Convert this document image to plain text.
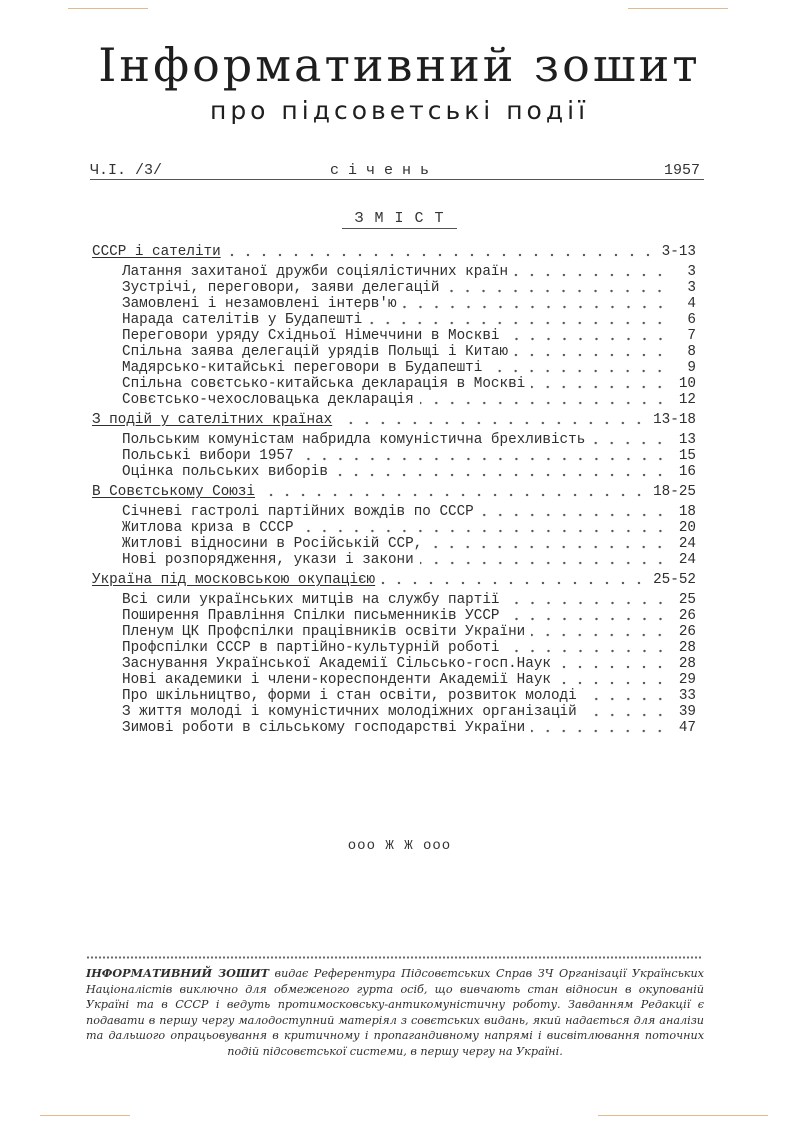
Інформативний зошит
про підсоветські події
Ч.І. /3/	січень	1957
ЗМІСТ
СССР і сателіти	3-13
Латання захитаної дружби соціялістичних країн	3
Зустрічі, переговори, заяви делегацій	3
Замовлені і незамовлені інтерв'ю	4
Нарада сателітів у Будапешті	6
Переговори уряду Східньої Німеччини в Москві	7
Спільна заява делегацій урядів Польщі і Китаю	8
Мадярсько-китайські переговори в Будапешті	9
Спільна совєтсько-китайська декларація в Москві	10
Совєтсько-чехословацька декларація	12
З подій у сателітних країнах	13-18
Польським комуністам набридла комуністична брехливість	13
Польські вибори 1957	15
Оцінка польських виборів	16
В Совєтському Союзі	18-25
Січневі гастролі партійних вождів по СССР	18
Житлова криза в СССР	20
Житлові відносини в Російській ССР,	24
Нові розпорядження, укази і закони	24
Україна під московською окупацією	25-52
Всі сили українських митців на службу партії	25
Поширення Правління Спілки письменників УССР	26
Пленум ЦК Профспілки працівників освіти України	26
Профспілки СССР в партійно-культурній роботі	28
Заснування Української Академії Сільсько-госп.Наук	28
Нові академики і члени-кореспонденти Академії Наук	29
Про шкільництво, форми і стан освіти, розвиток молоді	33
З життя молоді і комуністичних молодіжних організацій	39
Зимові роботи в сільському господарстві України	47
ооо Ж Ж ооо
ІНФОРМАТИВНИЙ ЗОШИТ видає Референтура Підсовєтських Справ ЗЧ Організації Українських Націоналістів виключно для обмеженого гурта осіб, що вивчають стан відносин в окупованій Україні та в СССР і ведуть протимосковську-антикомуністичну роботу. Завданням Редакції є подавати в першу чергу малодоступний матеріял з совєтських видань, який надається для аналізи та дальшого опрацьовування в критичному і пропагандивному напрямі і висвітлювання поточних подій підсовєтської системи, в першу чергу на Україні.
